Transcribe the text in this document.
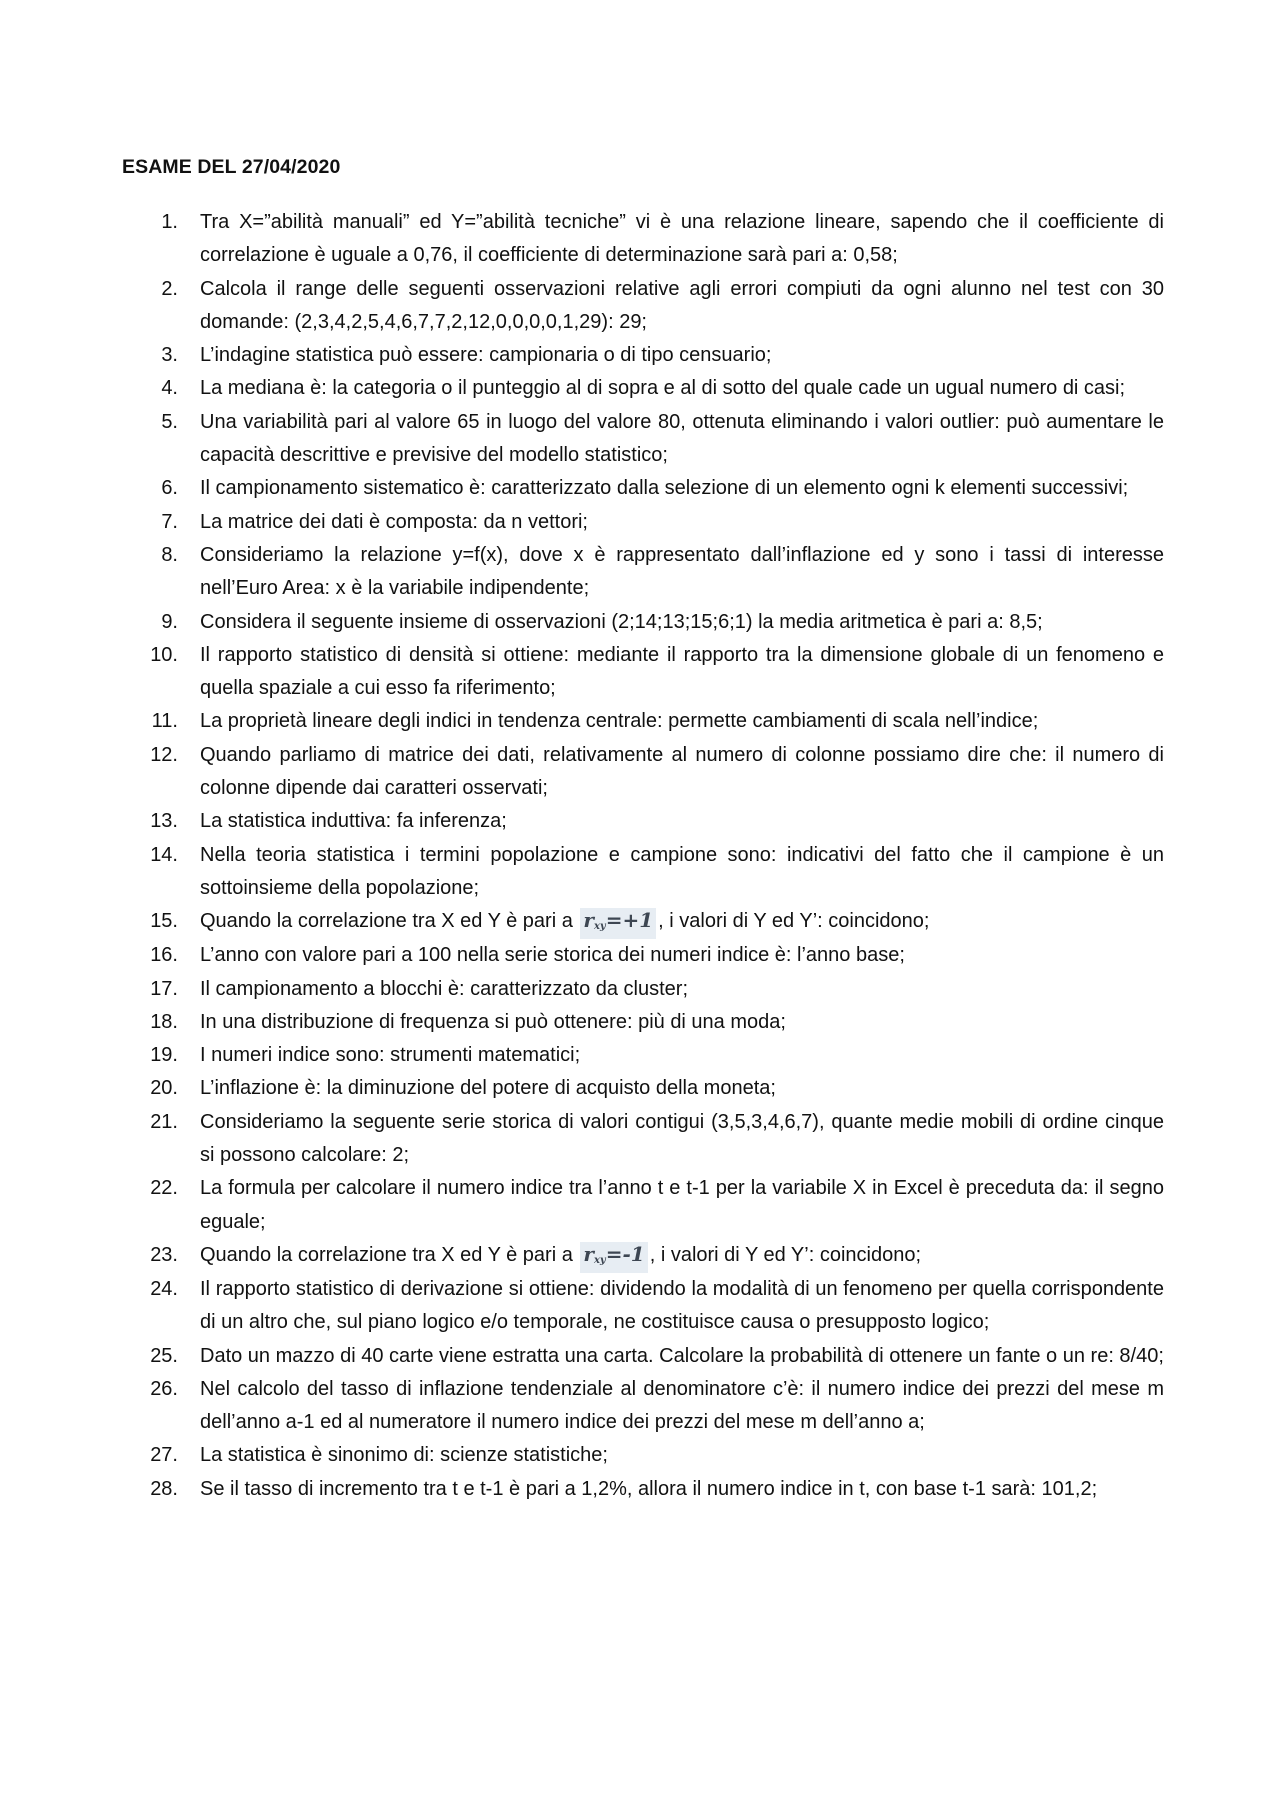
ESAME DEL 27/04/2020
1. Tra X=”abilità manuali” ed Y=”abilità tecniche” vi è una relazione lineare, sapendo che il coefficiente di correlazione è uguale a 0,76, il coefficiente di determinazione sarà pari a: 0,58;
2. Calcola il range delle seguenti osservazioni relative agli errori compiuti da ogni alunno nel test con 30 domande: (2,3,4,2,5,4,6,7,7,2,12,0,0,0,0,1,29): 29;
3. L’indagine statistica può essere: campionaria o di tipo censuario;
4. La mediana è: la categoria o il punteggio al di sopra e al di sotto del quale cade un ugual numero di casi;
5. Una variabilità pari al valore 65 in luogo del valore 80, ottenuta eliminando i valori outlier: può aumentare le capacità descrittive e previsive del modello statistico;
6. Il campionamento sistematico è: caratterizzato dalla selezione di un elemento ogni k elementi successivi;
7. La matrice dei dati è composta: da n vettori;
8. Consideriamo la relazione y=f(x), dove x è rappresentato dall’inflazione ed y sono i tassi di interesse nell’Euro Area: x è la variabile indipendente;
9. Considera il seguente insieme di osservazioni (2;14;13;15;6;1) la media aritmetica è pari a: 8,5;
10. Il rapporto statistico di densità si ottiene: mediante il rapporto tra la dimensione globale di un fenomeno e quella spaziale a cui esso fa riferimento;
11. La proprietà lineare degli indici in tendenza centrale: permette cambiamenti di scala nell’indice;
12. Quando parliamo di matrice dei dati, relativamente al numero di colonne possiamo dire che: il numero di colonne dipende dai caratteri osservati;
13. La statistica induttiva: fa inferenza;
14. Nella teoria statistica i termini popolazione e campione sono: indicativi del fatto che il campione è un sottoinsieme della popolazione;
15. Quando la correlazione tra X ed Y è pari a $r_{xy}=+1$ , i valori di Y ed Y’: coincidono;
16. L’anno con valore pari a 100 nella serie storica dei numeri indice è: l’anno base;
17. Il campionamento a blocchi è: caratterizzato da cluster;
18. In una distribuzione di frequenza si può ottenere: più di una moda;
19. I numeri indice sono: strumenti matematici;
20. L’inflazione è: la diminuzione del potere di acquisto della moneta;
21. Consideriamo la seguente serie storica di valori contigui (3,5,3,4,6,7), quante medie mobili di ordine cinque si possono calcolare: 2;
22. La formula per calcolare il numero indice tra l’anno t e t-1 per la variabile X in Excel è preceduta da: il segno eguale;
23. Quando la correlazione tra X ed Y è pari a $r_{xy}=-1$ , i valori di Y ed Y’: coincidono;
24. Il rapporto statistico di derivazione si ottiene: dividendo la modalità di un fenomeno per quella corrispondente di un altro che, sul piano logico e/o temporale, ne costituisce causa o presupposto logico;
25. Dato un mazzo di 40 carte viene estratta una carta. Calcolare la probabilità di ottenere un fante o un re: 8/40;
26. Nel calcolo del tasso di inflazione tendenziale al denominatore c’è: il numero indice dei prezzi del mese m dell’anno a-1 ed al numeratore il numero indice dei prezzi del mese m dell’anno a;
27. La statistica è sinonimo di: scienze statistiche;
28. Se il tasso di incremento tra t e t-1 è pari a 1,2%, allora il numero indice in t, con base t-1 sarà: 101,2;
